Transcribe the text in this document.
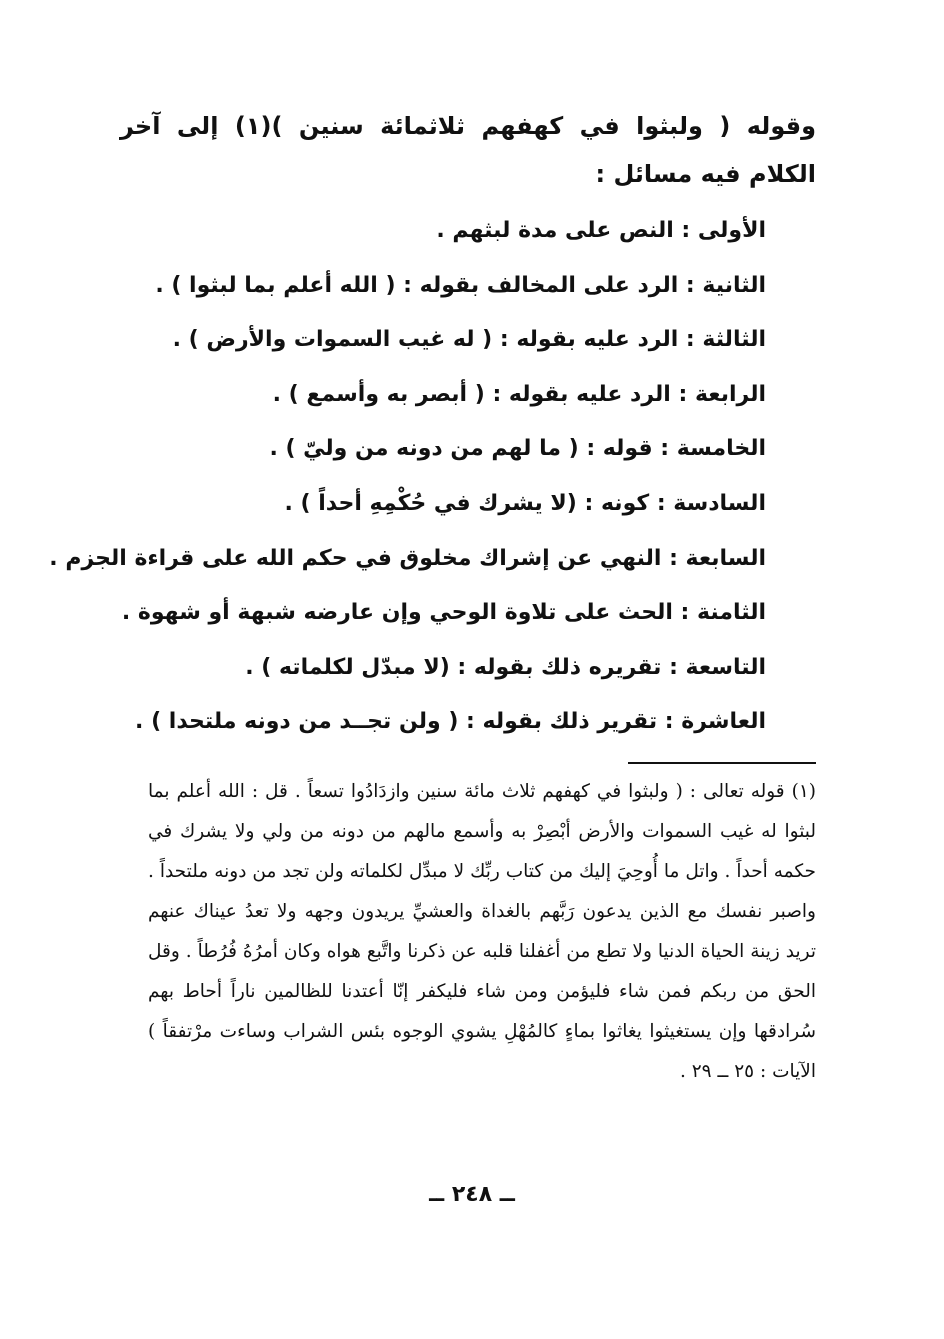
وقوله ( ولبثوا في كهفهم ثلاثمائة سنين )(١) إلى آخر الكلام فيه مسائل :
الأولى : النص على مدة لبثهم .
الثانية : الرد على المخالف بقوله : ( الله أعلم بما لبثوا ) .
الثالثة : الرد عليه بقوله : ( له غيب السموات والأرض ) .
الرابعة : الرد عليه بقوله : ( أبصر به وأسمع ) .
الخامسة : قوله : ( ما لهم من دونه من وليّ ) .
السادسة : كونه : (لا يشرك في حُكْمِهِ أحداً ) .
السابعة : النهي عن إشراك مخلوق في حكم الله على قراءة الجزم .
الثامنة : الحث على تلاوة الوحي وإن عارضه شبهة أو شهوة .
التاسعة : تقريره ذلك بقوله : (لا مبدّل لكلماته ) .
العاشرة : تقرير ذلك بقوله : ( ولن تجــد من دونه ملتحدا ) .
(١) قوله تعالى : ( ولبثوا في كهفهم ثلاث مائة سنين وازدَادُوا تسعاً . قل : الله أعلم بما لبثوا له غيب السموات والأرض أبْصِرْ به وأسمع مالهم من دونه من ولي ولا يشرك في حكمه أحداً . واتل ما أُوحِيَ إليك من كتاب ربِّك لا مبدِّل لكلماته ولن تجد من دونه ملتحداً . واصبر نفسك مع الذين يدعون رَبَّهم بالغداة والعشيِّ يريدون وجهه ولا تعدُ عيناك عنهم تريد زينة الحياة الدنيا ولا تطع من أغفلنا قلبه عن ذكرنا واتَّبع هواه وكان أمرُهُ فُرُطاً . وقل الحق من ربكم فمن شاء فليؤمن ومن شاء فليكفر إنّا أعتدنا للظالمين ناراً أحاط بهم سُرادقها وإن يستغيثوا يغاثوا بماءٍ كالمُهْلِ يشوي الوجوه بئس الشراب وساءت مرْتفقاً ) الآيات : ٢٥ ــ ٢٩ .
ــ ٢٤٨ ــ
